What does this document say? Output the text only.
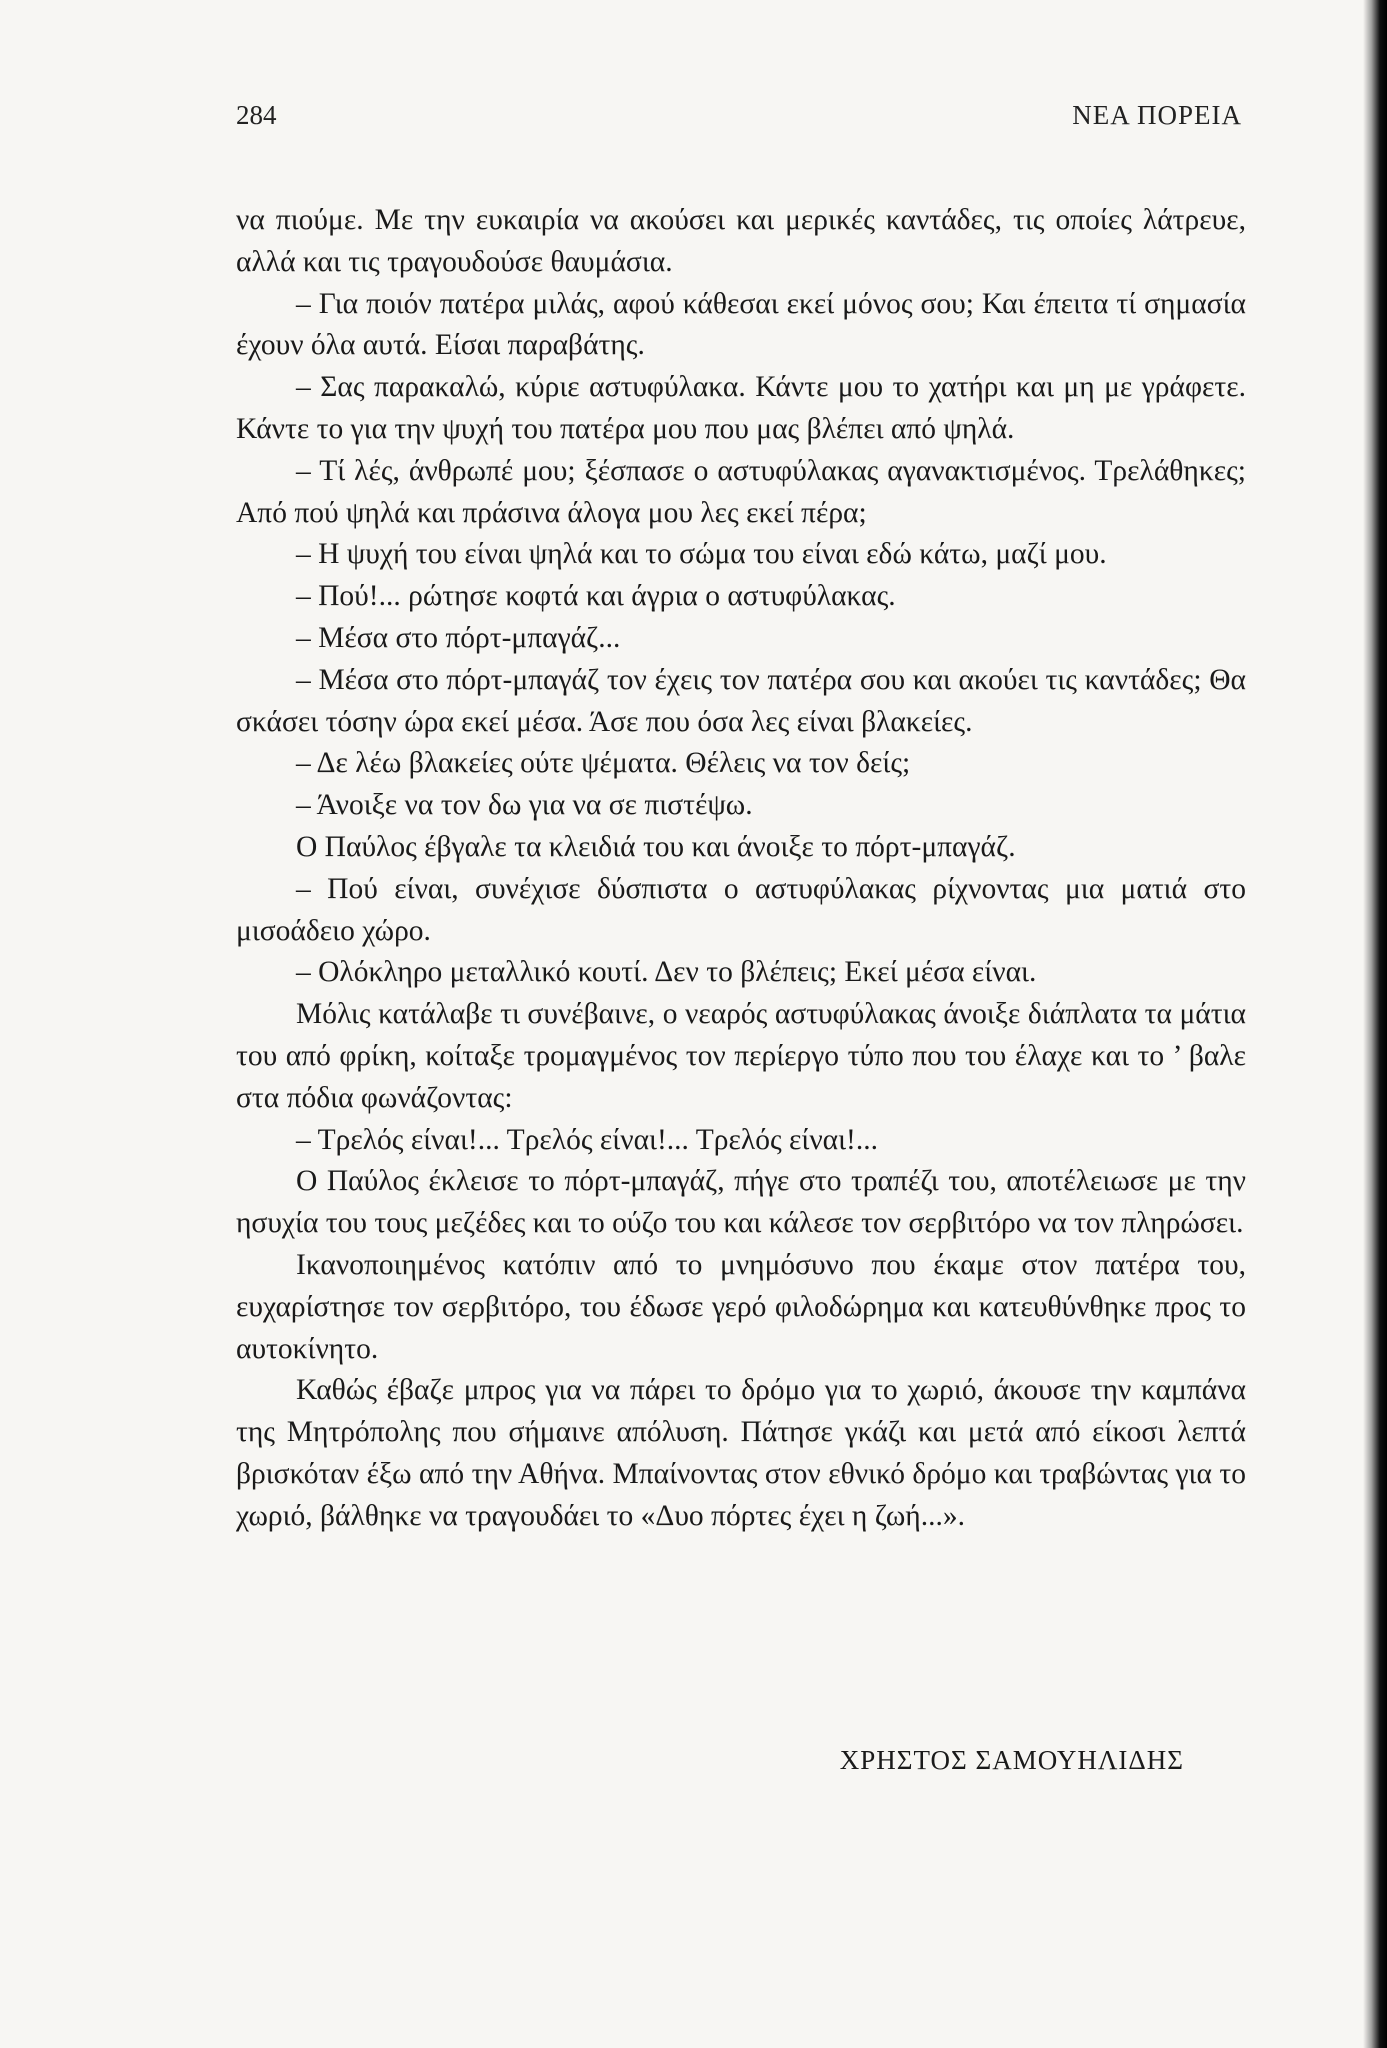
284	ΝΕΑ ΠΟΡΕΙΑ

να πιούμε. Με την ευκαιρία να ακούσει και μερικές καντάδες, τις οποίες λάτρευε, αλλά και τις τραγουδούσε θαυμάσια.

– Για ποιόν πατέρα μιλάς, αφού κάθεσαι εκεί μόνος σου; Και έπειτα τί σημασία έχουν όλα αυτά. Είσαι παραβάτης.

– Σας παρακαλώ, κύριε αστυφύλακα. Κάντε μου το χατήρι και μη με γράφετε. Κάντε το για την ψυχή του πατέρα μου που μας βλέπει από ψηλά.

– Τί λές, άνθρωπέ μου; ξέσπασε ο αστυφύλακας αγανακτισμένος. Τρελάθηκες; Από πού ψηλά και πράσινα άλογα μου λες εκεί πέρα;

– Η ψυχή του είναι ψηλά και το σώμα του είναι εδώ κάτω, μαζί μου.

– Πού!... ρώτησε κοφτά και άγρια ο αστυφύλακας.

– Μέσα στο πόρτ-μπαγάζ...

– Μέσα στο πόρτ-μπαγάζ τον έχεις τον πατέρα σου και ακούει τις καντάδες; Θα σκάσει τόσην ώρα εκεί μέσα. Άσε που όσα λες είναι βλακείες.

– Δε λέω βλακείες ούτε ψέματα. Θέλεις να τον δείς;

– Άνοιξε να τον δω για να σε πιστέψω.

Ο Παύλος έβγαλε τα κλειδιά του και άνοιξε το πόρτ-μπαγάζ.

– Πού είναι, συνέχισε δύσπιστα ο αστυφύλακας ρίχνοντας μια ματιά στο μισοάδειο χώρο.

– Ολόκληρο μεταλλικό κουτί. Δεν το βλέπεις; Εκεί μέσα είναι.

Μόλις κατάλαβε τι συνέβαινε, ο νεαρός αστυφύλακας άνοιξε διάπλατα τα μάτια του από φρίκη, κοίταξε τρομαγμένος τον περίεργο τύπο που του έλαχε και το ’ βαλε στα πόδια φωνάζοντας:

– Τρελός είναι!... Τρελός είναι!... Τρελός είναι!...

Ο Παύλος έκλεισε το πόρτ-μπαγάζ, πήγε στο τραπέζι του, αποτέλειωσε με την ησυχία του τους μεζέδες και το ούζο του και κάλεσε τον σερβιτόρο να τον πληρώσει.

Ικανοποιημένος κατόπιν από το μνημόσυνο που έκαμε στον πατέρα του, ευχαρίστησε τον σερβιτόρο, του έδωσε γερό φιλοδώρημα και κατευθύνθηκε προς το αυτοκίνητο.

Καθώς έβαζε μπρος για να πάρει το δρόμο για το χωριό, άκουσε την καμπάνα της Μητρόπολης που σήμαινε απόλυση. Πάτησε γκάζι και μετά από είκοσι λεπτά βρισκόταν έξω από την Αθήνα. Μπαίνοντας στον εθνικό δρόμο και τραβώντας για το χωριό, βάλθηκε να τραγουδάει το «Δυο πόρτες έχει η ζωή...».

ΧΡΗΣΤΟΣ ΣΑΜΟΥΗΛΙΔΗΣ
